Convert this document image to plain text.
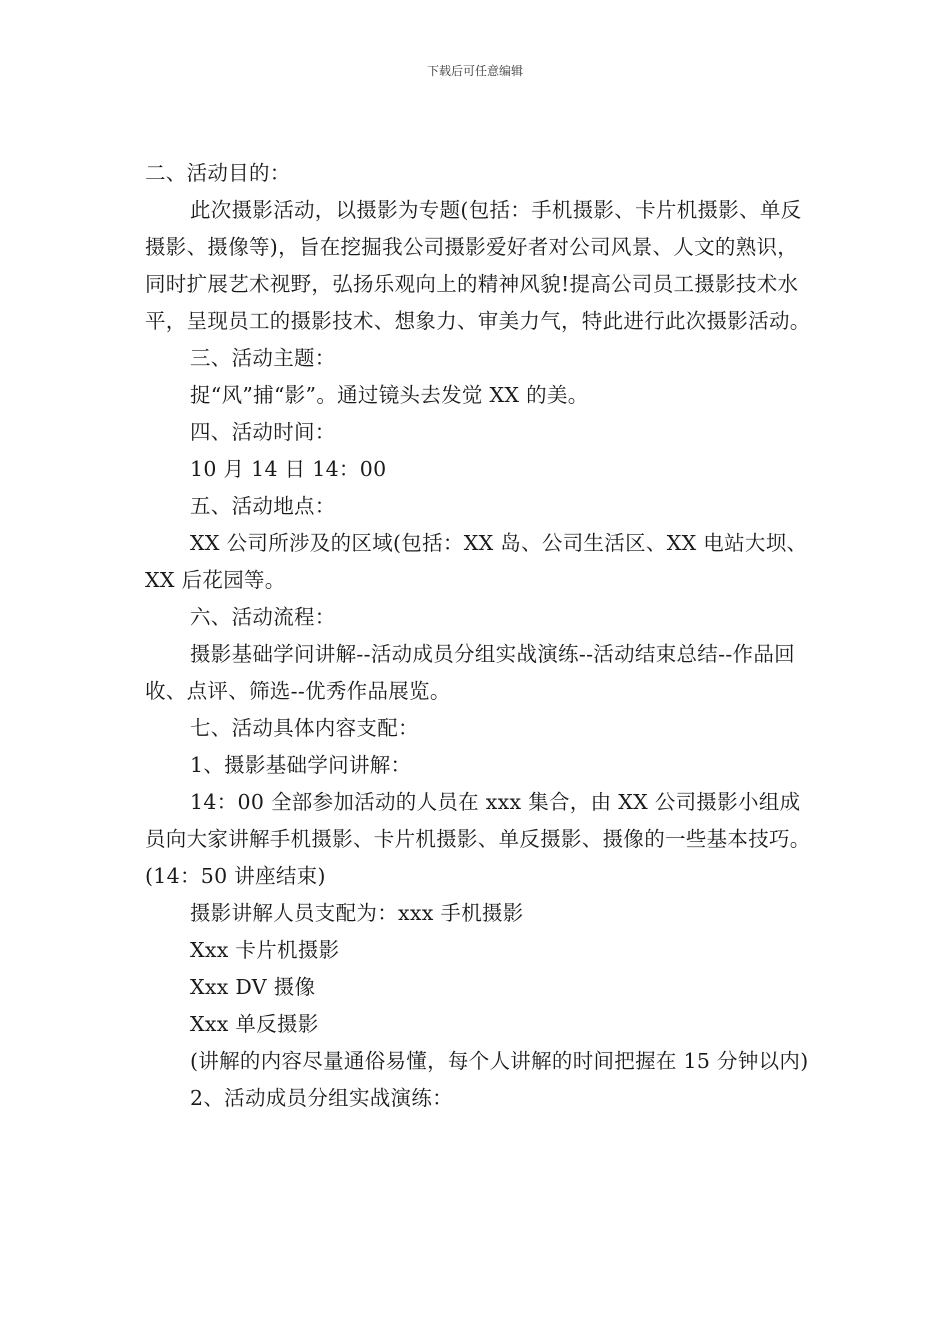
下载后可任意编辑

二、活动目的：

此次摄影活动，以摄影为专题(包括：手机摄影、卡片机摄影、单反摄影、摄像等)，旨在挖掘我公司摄影爱好者对公司风景、人文的熟识，同时扩展艺术视野，弘扬乐观向上的精神风貌!提高公司员工摄影技术水平，呈现员工的摄影技术、想象力、审美力气，特此进行此次摄影活动。

三、活动主题：

捉“风”捕“影”。通过镜头去发觉 XX 的美。

四、活动时间：

10 月 14 日 14：00

五、活动地点：

XX 公司所涉及的区域(包括：XX 岛、公司生活区、XX 电站大坝、XX 后花园等。

六、活动流程：

摄影基础学问讲解--活动成员分组实战演练--活动结束总结--作品回收、点评、筛选--优秀作品展览。

七、活动具体内容支配：

1、摄影基础学问讲解：

14：00 全部参加活动的人员在 xxx 集合，由 XX 公司摄影小组成员向大家讲解手机摄影、卡片机摄影、单反摄影、摄像的一些基本技巧。(14：50 讲座结束)

摄影讲解人员支配为：xxx 手机摄影

Xxx 卡片机摄影

Xxx DV 摄像

Xxx 单反摄影

(讲解的内容尽量通俗易懂，每个人讲解的时间把握在 15 分钟以内)

2、活动成员分组实战演练：
